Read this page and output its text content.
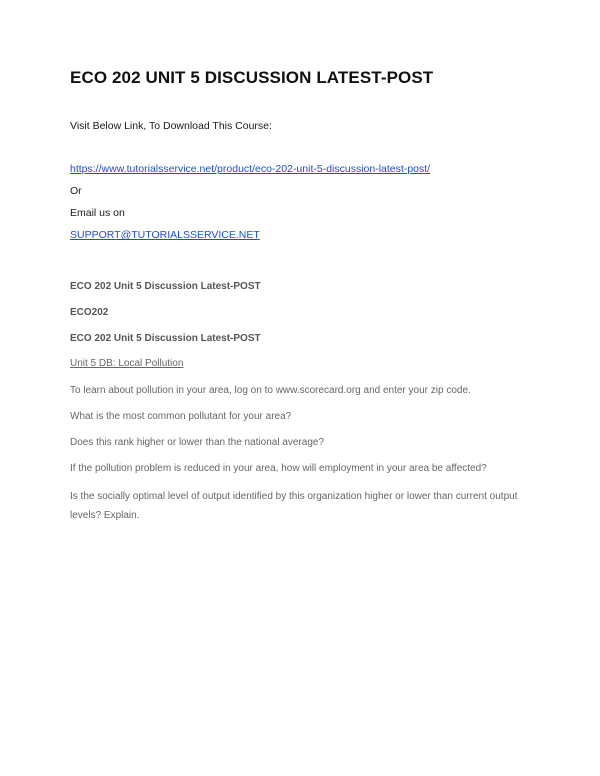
ECO 202 UNIT 5 DISCUSSION LATEST-POST

Visit Below Link, To Download This Course:

https://www.tutorialsservice.net/product/eco-202-unit-5-discussion-latest-post/

Or

Email us on

SUPPORT@TUTORIALSSERVICE.NET

ECO 202 Unit 5 Discussion Latest-POST

ECO202

ECO 202 Unit 5 Discussion Latest-POST

Unit 5 DB: Local Pollution

To learn about pollution in your area, log on to www.scorecard.org and enter your zip code.

What is the most common pollutant for your area?

Does this rank higher or lower than the national average?

If the pollution problem is reduced in your area, how will employment in your area be affected?

Is the socially optimal level of output identified by this organization higher or lower than current output levels? Explain.
